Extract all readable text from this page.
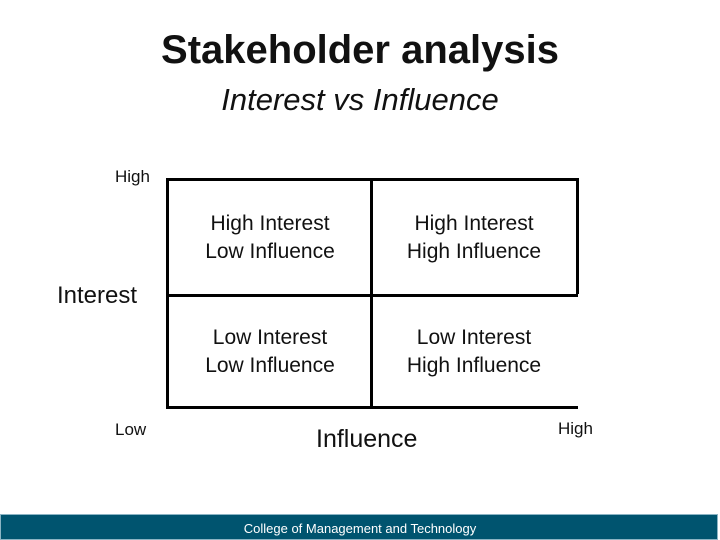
Stakeholder analysis
Interest vs Influence
High
Interest
Low	Influence	High
High Interest
Low Influence
High Interest
High Influence
Low Interest
Low Influence
Low Interest
High Influence
College of Management and Technology
